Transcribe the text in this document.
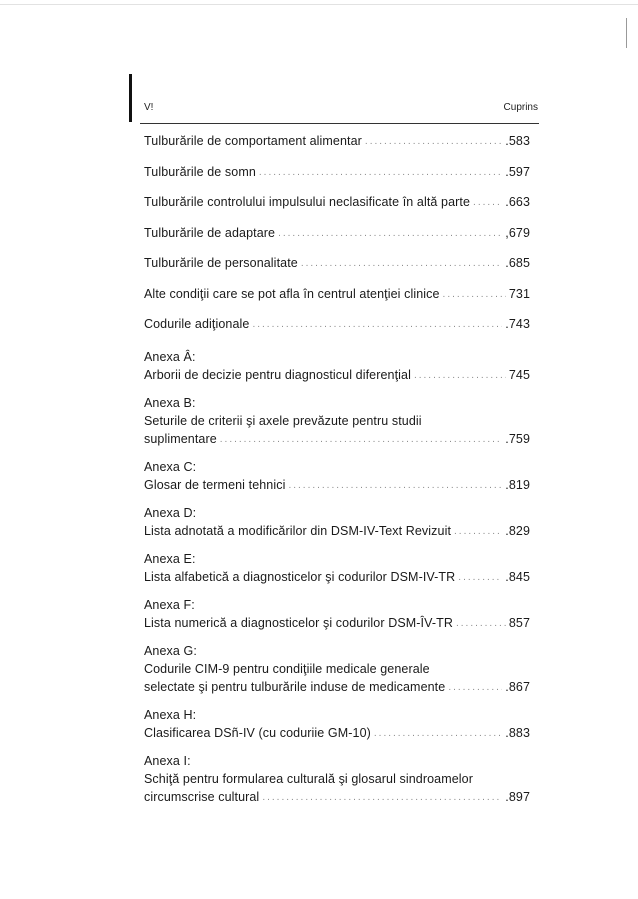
V!	Cuprins
Tulburările de comportament alimentar .....	.583
Tulburările de somn .....	.597
Tulburările controlului impulsului neclasificate în altă parte .....	.663
Tulburările de adaptare .....	,679
Tulburările de personalitate .....	.685
Alte condiţii care se pot afla în centrul atenţiei clinice .....	731
Codurile adiţionale .....	.743
Anexa Â:
Arborii de decizie pentru diagnosticul diferenţial .....	745
Anexa B:
Seturile de criterii şi axele prevăzute pentru studii
suplimentare .....	.759
Anexa C:
Glosar de termeni tehnici .....	.819
Anexa D:
Lista adnotată a modificărilor din DSM-IV-Text Revizuit .....	.829
Anexa E:
Lista alfabetică a diagnosticelor şi codurilor DSM-IV-TR .....	.845
Anexa F:
Lista numerică a diagnosticelor şi codurilor DSM-ÎV-TR .....	857
Anexa G:
Codurile CIM-9 pentru condiţiile medicale generale
selectate şi pentru tulburările induse de medicamente .....	.867
Anexa H:
Clasificarea DSñ-IV (cu coduriie GM-10) .....	.883
Anexa I:
Schiţă pentru formularea culturală şi glosarul sindroamelor
circumscrise cultural .....	.897
